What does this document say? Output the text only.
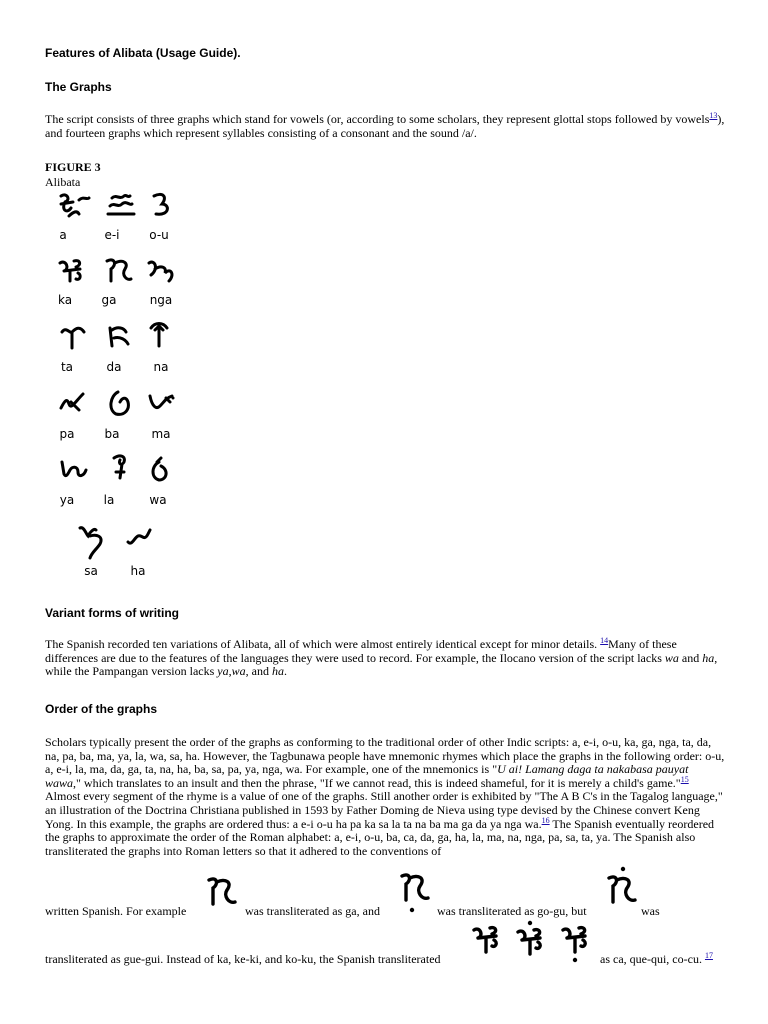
Features of Alibata (Usage Guide).
The Graphs

The script consists of three graphs which stand for vowels (or, according to some scholars, they represent glottal stops followed by vowels$^{13}$), and fourteen graphs which represent syllables consisting of a consonant and the sound /a/.

FIGURE 3
Alibata
a	e-i	o-u
ka	ga	nga
ta	da	na
pa	ba	ma
ya	la	wa
sa	ha
Variant forms of writing

The Spanish recorded ten variations of Alibata, all of which were almost entirely identical except for minor details. $^{14}$Many of these differences are due to the features of the languages they were used to record. For example, the Ilocano version of the script lacks wa and ha, while the Pampangan version lacks ya,wa, and ha.

Order of the graphs

Scholars typically present the order of the graphs as conforming to the traditional order of other Indic scripts: a, e-i, o-u, ka, ga, nga, ta, da, na, pa, ba, ma, ya, la, wa, sa, ha. However, the Tagbunawa people have mnemonic rhymes which place the graphs in the following order: o-u, a, e-i, la, ma, da, ga, ta, na, ha, ba, sa, pa, ya, nga, wa. For example, one of the mnemonics is "U ai! Lamang daga ta nakabasa pauyat wawa," which translates to an insult and then the phrase, "If we cannot read, this is indeed shameful, for it is merely a child's game."$^{15}$ Almost every segment of the rhyme is a value of one of the graphs. Still another order is exhibited by "The A B C's in the Tagalog language," an illustration of the Doctrina Christiana published in 1593 by Father Doming de Nieva using type devised by the Chinese convert Keng Yong. In this example, the graphs are ordered thus: a e-i o-u ha pa ka sa la ta na ba ma ga da ya nga wa.$^{16}$ The Spanish eventually reordered the graphs to approximate the order of the Roman alphabet: a, e-i, o-u, ba, ca, da, ga, ha, la, ma, na, nga, pa, sa, ta, ya. The Spanish also transliterated the graphs into Roman letters so that it adhered to the conventions of

written Spanish. For example	was transliterated as ga, and	was transliterated as go-gu, but	was
transliterated as gue-gui. Instead of ka, ke-ki, and ko-ku, the Spanish transliterated	as ca, que-qui, co-cu. $^{17}$
